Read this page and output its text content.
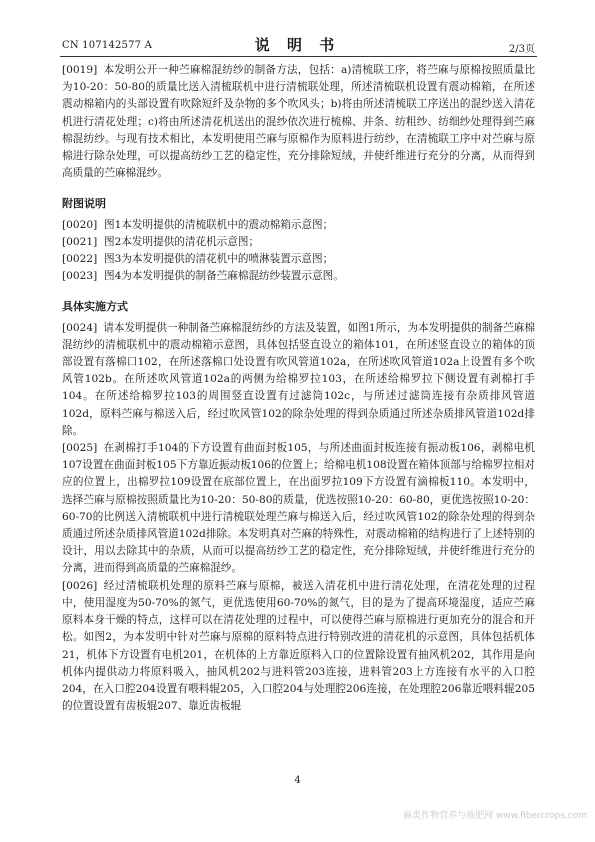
CN 107142577 A	说 明 书	2/3页

[0019] 本发明公开一种苎麻棉混纺纱的制备方法，包括：a)清梳联工序，将苎麻与原棉按照质量比为10-20：50-80的质量比送入清梳联机中进行清梳联处理，所述清梳联机设置有震动棉箱，在所述震动棉箱内的头部设置有吹除短纤及杂物的多个吹风头；b)将由所述清梳联工序送出的混纱送入清花机进行清花处理；c)将由所述清花机送出的混纱依次进行梳棉、并条、纺粗纱、纺细纱处理得到苎麻棉混纺纱。与现有技术相比，本发明使用苎麻与原棉作为原料进行纺纱，在清梳联工序中对苎麻与原棉进行除杂处理，可以提高纺纱工艺的稳定性，充分排除短绒，并使纤维进行充分的分离，从而得到高质量的苎麻棉混纱。

附图说明

[0020] 图1本发明提供的清梳联机中的震动棉箱示意图；

[0021] 图2本发明提供的清花机示意图；

[0022] 图3为本发明提供的清花机中的喷淋装置示意图；

[0023] 图4为本发明提供的制备苎麻棉混纺纱装置示意图。

具体实施方式

[0024] 请本发明提供一种制备苎麻棉混纺纱的方法及装置，如图1所示，为本发明提供的制备苎麻棉混纺纱的清梳联机中的震动棉箱示意图，具体包括竖直设立的箱体101，在所述竖直设立的箱体的顶部设置有落棉口102，在所述落棉口处设置有吹风管道102a，在所述吹风管道102a上设置有多个吹风管102b。在所述吹风管道102a的两侧为给棉罗拉103，在所述给棉罗拉下侧设置有剥棉打手104。在所述给棉罗拉103的周围竖直设置有过滤筒102c，与所述过滤筒连接有杂质排风管道102d，原料苎麻与棉送入后，经过吹风管102的除杂处理的得到杂质通过所述杂质排风管道102d排除。

[0025] 在剥棉打手104的下方设置有曲面封板105，与所述曲面封板连接有振动板106，剥棉电机107设置在曲面封板105下方靠近振动板106的位置上；给棉电机108设置在箱体顶部与给棉罗拉相对应的位置上，出棉罗拉109设置在底部位置上，在出面罗拉109下方设置有滴棉板110。本发明中，选择苎麻与原棉按照质量比为10-20：50-80的质量，优选按照10-20：60-80，更优选按照10-20：60-70的比例送入清梳联机中进行清梳联处理苎麻与棉送入后，经过吹风管102的除杂处理的得到杂质通过所述杂质排风管道102d排除。本发明真对苎麻的特殊性，对震动棉箱的结构进行了上述特别的设计，用以去除其中的杂质，从而可以提高纺纱工艺的稳定性，充分排除短绒，并使纤维进行充分的分离，进而得到高质量的苎麻棉混纱。

[0026] 经过清梳联机处理的原料苎麻与原棉，被送入清花机中进行清花处理，在清花处理的过程中，使用湿度为50-70%的氮气，更优选使用60-70%的氮气，目的是为了提高环境湿度，适应苎麻原料本身干燥的特点，这样可以在清花处理的过程中，可以使得苎麻与原棉进行更加充分的混合和开松。如图2，为本发明中针对苎麻与原棉的原料特点进行特别改进的清花机的示意图，具体包括机体21，机体下方设置有电机201，在机体的上方靠近原料入口的位置除设置有抽风机202，其作用是向机体内提供动力将原料吸入，抽风机202与进料管203连接，进料管203上方连接有水平的入口腔204，在入口腔204设置有喂料辊205，入口腔204与处理腔206连接，在处理腔206靠近喂料辊205的位置设置有齿板辊207、靠近齿板辊

4
麻类作物营养与施肥网 www.fibercrops.com
